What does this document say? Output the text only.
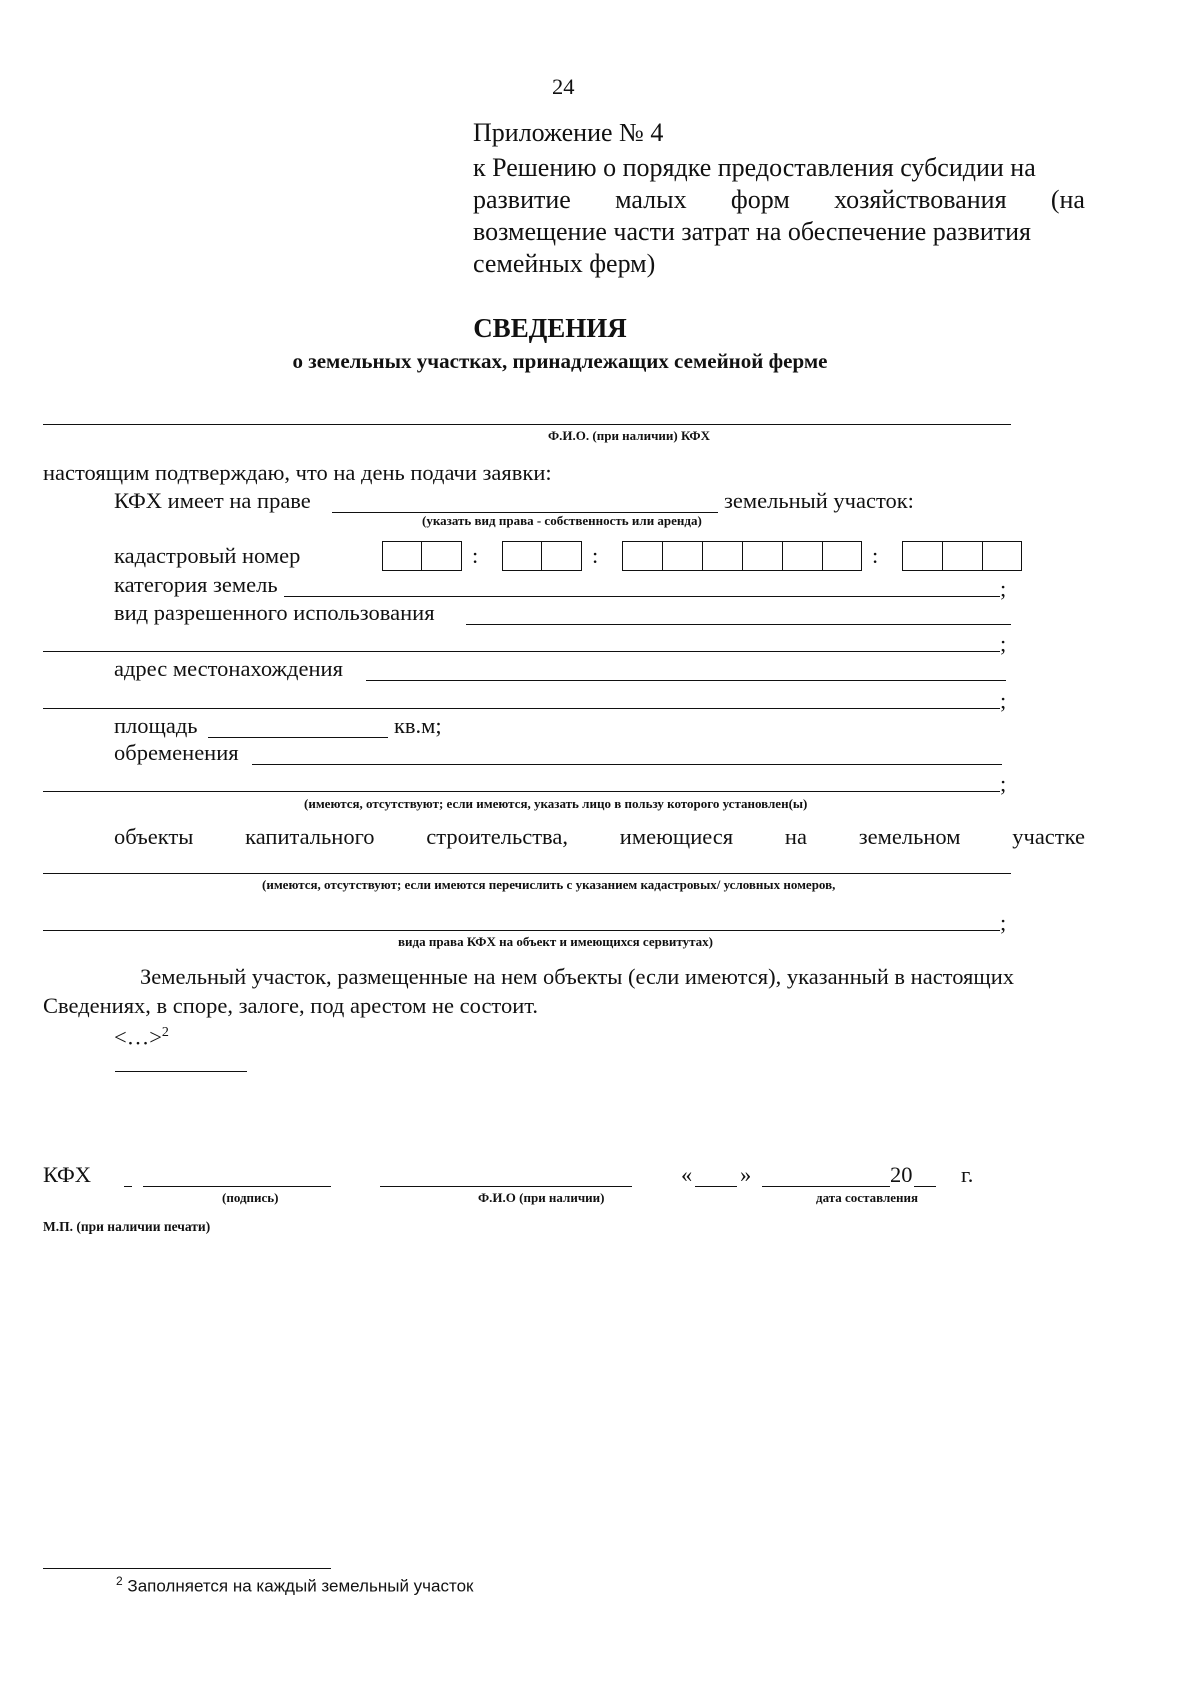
24
Приложение № 4
к Решению о порядке предоставления субсидии на
развитие малых форм хозяйствования (на
возмещение части затрат на обеспечение развития
семейных ферм)
СВЕДЕНИЯ
о земельных участках, принадлежащих семейной ферме
Ф.И.О. (при наличии) КФХ
настоящим подтверждаю, что на день подачи заявки:
КФХ имеет на праве	земельный участок:
(указать вид права - собственность или аренда)
кадастровый номер	:	:	:
категория земель	;
вид разрешенного использования
;
адрес местонахождения
;
площадь	кв.м;
обременения
;
(имеются, отсутствуют; если имеются, указать лицо в пользу которого установлен(ы)
объекты капитального строительства, имеющиеся на земельном участке
(имеются, отсутствуют; если имеются перечислить с указанием кадастровых/ условных номеров,
;
вида права КФХ на объект и имеющихся сервитутах)
Земельный участок, размещенные на нем объекты (если имеются), указанный в настоящих
Сведениях, в споре, залоге, под арестом не состоит.
<…>$^2$
КФХ
(подпись)	Ф.И.О (при наличии)
« »	20 г.
дата составления
М.П. (при наличии печати)
$^2$ Заполняется на каждый земельный участок
